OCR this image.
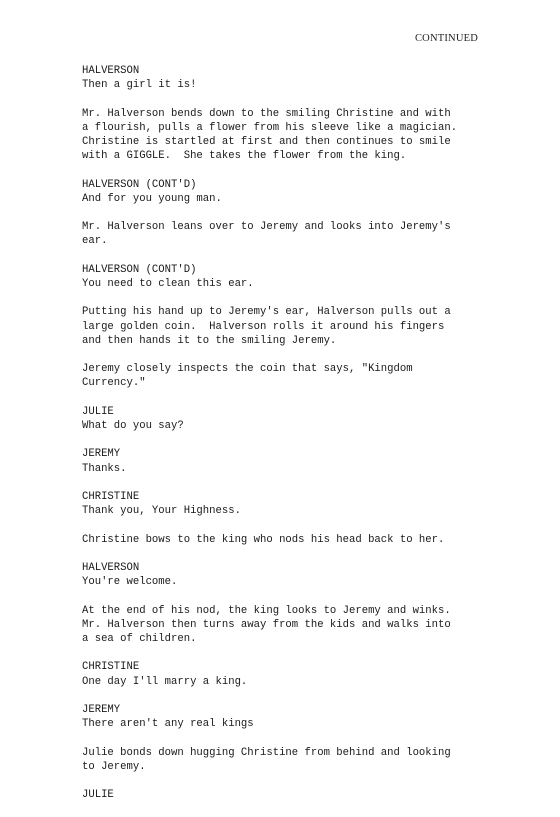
CONTINUED
HALVERSON
Then a girl it is!
Mr. Halverson bends down to the smiling Christine and with
a flourish, pulls a flower from his sleeve like a magician.
Christine is startled at first and then continues to smile
with a GIGGLE.  She takes the flower from the king.
HALVERSON (CONT'D)
And for you young man.
Mr. Halverson leans over to Jeremy and looks into Jeremy's
ear.
HALVERSON (CONT'D)
You need to clean this ear.
Putting his hand up to Jeremy's ear, Halverson pulls out a
large golden coin.  Halverson rolls it around his fingers
and then hands it to the smiling Jeremy.
Jeremy closely inspects the coin that says, "Kingdom
Currency."
JULIE
What do you say?
JEREMY
Thanks.
CHRISTINE
Thank you, Your Highness.
Christine bows to the king who nods his head back to her.
HALVERSON
You're welcome.
At the end of his nod, the king looks to Jeremy and winks.
Mr. Halverson then turns away from the kids and walks into
a sea of children.
CHRISTINE
One day I'll marry a king.
JEREMY
There aren't any real kings
Julie bonds down hugging Christine from behind and looking
to Jeremy.
JULIE
